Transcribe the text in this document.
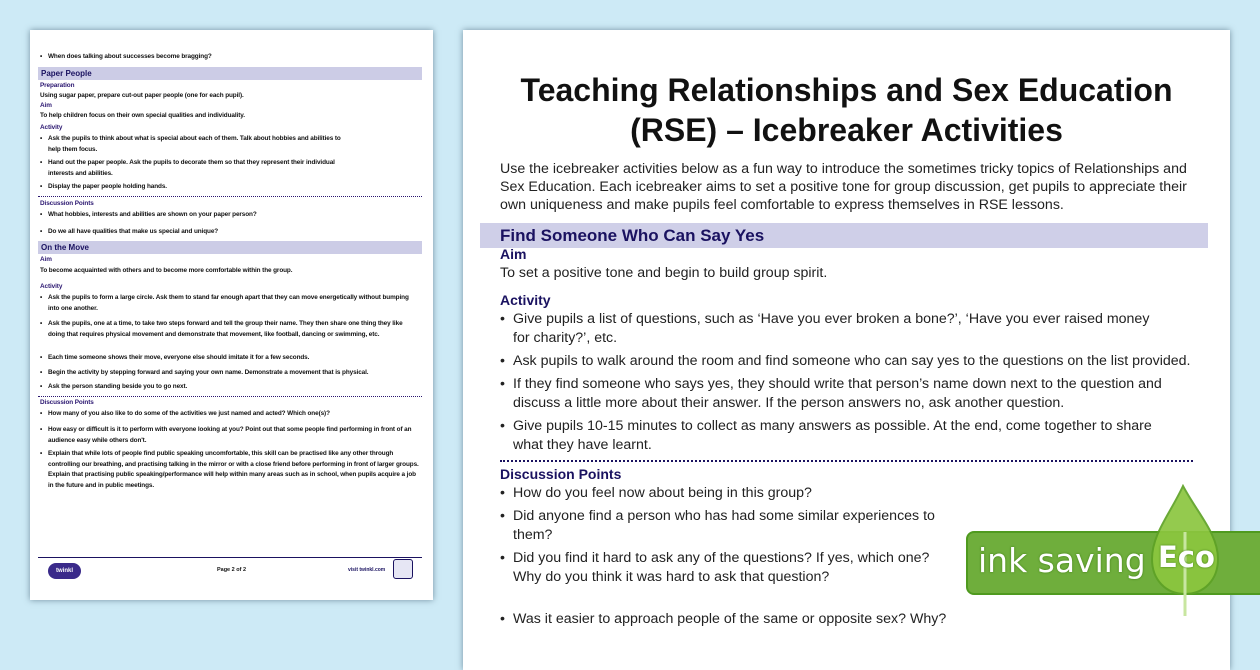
• When does talking about successes become bragging?
Paper People
Preparation
Using sugar paper, prepare cut-out paper people (one for each pupil).
Aim
To help children focus on their own special qualities and individuality.
Activity
• Ask the pupils to think about what is special about each of them. Talk about hobbies and abilities to help them focus.
• Hand out the paper people. Ask the pupils to decorate them so that they represent their individual interests and abilities.
• Display the paper people holding hands.
Discussion Points
• What hobbies, interests and abilities are shown on your paper person?
• Do we all have qualities that make us special and unique?
On the Move
Aim
To become acquainted with others and to become more comfortable within the group.
Activity
• Ask the pupils to form a large circle. Ask them to stand far enough apart that they can move energetically without bumping into one another.
• Ask the pupils, one at a time, to take two steps forward and tell the group their name. They then share one thing they like doing that requires physical movement and demonstrate that movement, like football, dancing or swimming, etc.
• Each time someone shows their move, everyone else should imitate it for a few seconds.
• Begin the activity by stepping forward and saying your own name. Demonstrate a movement that is physical.
• Ask the person standing beside you to go next.
Discussion Points
• How many of you also like to do some of the activities we just named and acted? Which one(s)?
• How easy or difficult is it to perform with everyone looking at you? Point out that some people find performing in front of an audience easy while others don't.
• Explain that while lots of people find public speaking uncomfortable, this skill can be practised like any other through controlling our breathing, and practising talking in the mirror or with a close friend before performing in front of larger groups. Explain that practising public speaking/performance will help within many areas such as in school, when pupils acquire a job in the future and in public meetings.
twinkl	Page 2 of 2	visit twinkl.com
Teaching Relationships and Sex Education
(RSE) – Icebreaker Activities
Use the icebreaker activities below as a fun way to introduce the sometimes tricky topics of Relationships and Sex Education. Each icebreaker aims to set a positive tone for group discussion, get pupils to appreciate their own uniqueness and make pupils feel comfortable to express themselves in RSE lessons.
Find Someone Who Can Say Yes
Aim
To set a positive tone and begin to build group spirit.
Activity
• Give pupils a list of questions, such as ‘Have you ever broken a bone?’, ‘Have you ever raised money for charity?’, etc.
• Ask pupils to walk around the room and find someone who can say yes to the questions on the list provided.
• If they find someone who says yes, they should write that person’s name down next to the question and discuss a little more about their answer. If the person answers no, ask another question.
• Give pupils 10-15 minutes to collect as many answers as possible. At the end, come together to share what they have learnt.
Discussion Points
• How do you feel now about being in this group?
• Did anyone find a person who has had some similar experiences to them?
• Did you find it hard to ask any of the questions? If yes, which one? Why do you think it was hard to ask that question?
• Was it easier to approach people of the same or opposite sex? Why?
ink saving Eco
